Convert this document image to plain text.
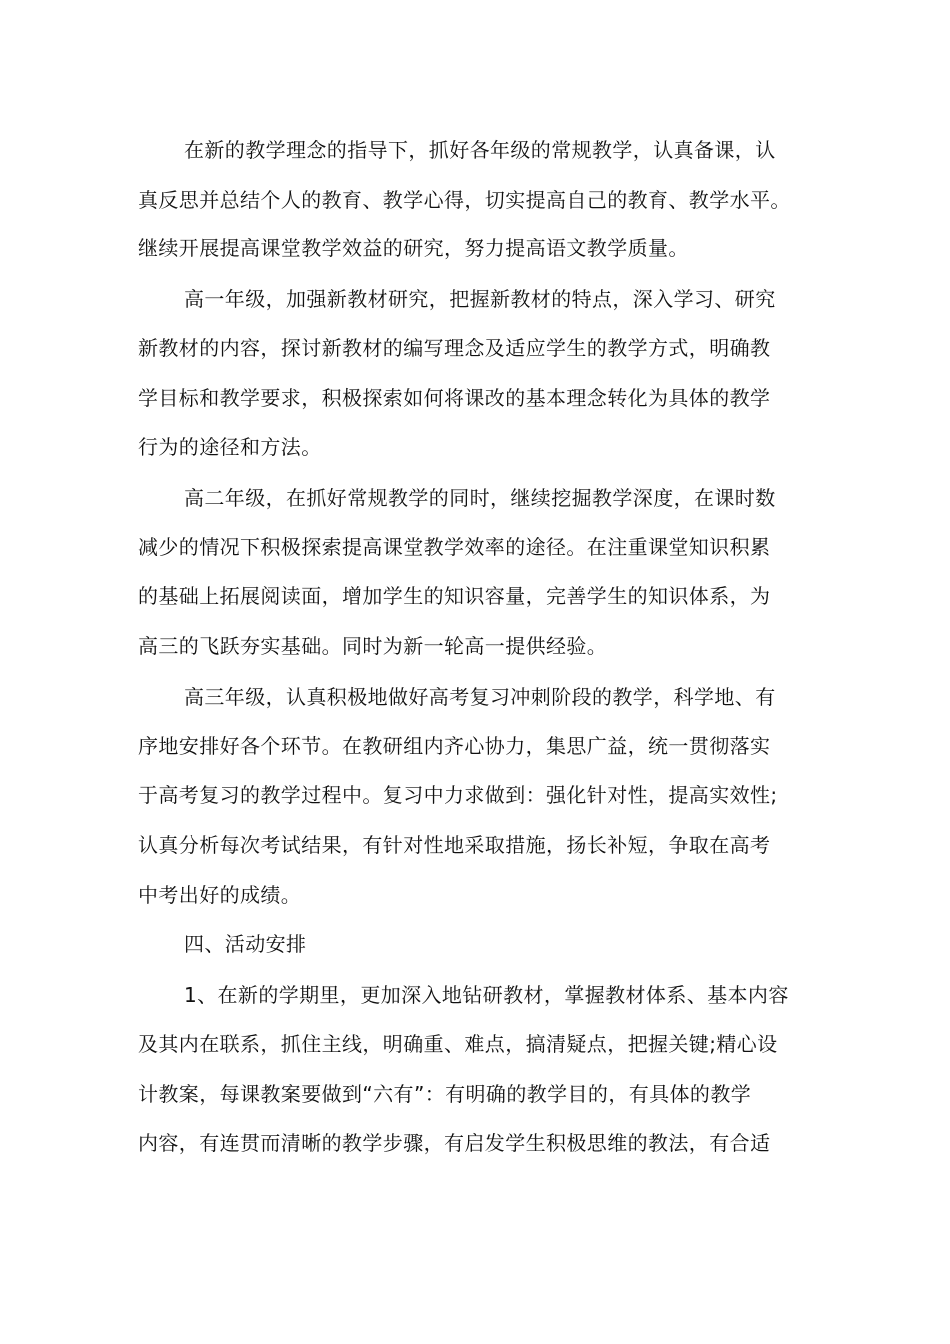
在新的教学理念的指导下，抓好各年级的常规教学，认真备课，认
真反思并总结个人的教育、教学心得，切实提高自己的教育、教学水平。
继续开展提高课堂教学效益的研究，努力提高语文教学质量。
高一年级，加强新教材研究，把握新教材的特点，深入学习、研究
新教材的内容，探讨新教材的编写理念及适应学生的教学方式，明确教
学目标和教学要求，积极探索如何将课改的基本理念转化为具体的教学
行为的途径和方法。
高二年级，在抓好常规教学的同时，继续挖掘教学深度，在课时数
减少的情况下积极探索提高课堂教学效率的途径。在注重课堂知识积累
的基础上拓展阅读面，增加学生的知识容量，完善学生的知识体系，为
高三的飞跃夯实基础。同时为新一轮高一提供经验。
高三年级，认真积极地做好高考复习冲刺阶段的教学，科学地、有
序地安排好各个环节。在教研组内齐心协力，集思广益，统一贯彻落实
于高考复习的教学过程中。复习中力求做到：强化针对性，提高实效性;
认真分析每次考试结果，有针对性地采取措施，扬长补短，争取在高考
中考出好的成绩。
四、活动安排
1、在新的学期里，更加深入地钻研教材，掌握教材体系、基本内容
及其内在联系，抓住主线，明确重、难点，搞清疑点，把握关键;精心设
计教案，每课教案要做到“六有”：有明确的教学目的，有具体的教学
内容，有连贯而清晰的教学步骤，有启发学生积极思维的教法，有合适
